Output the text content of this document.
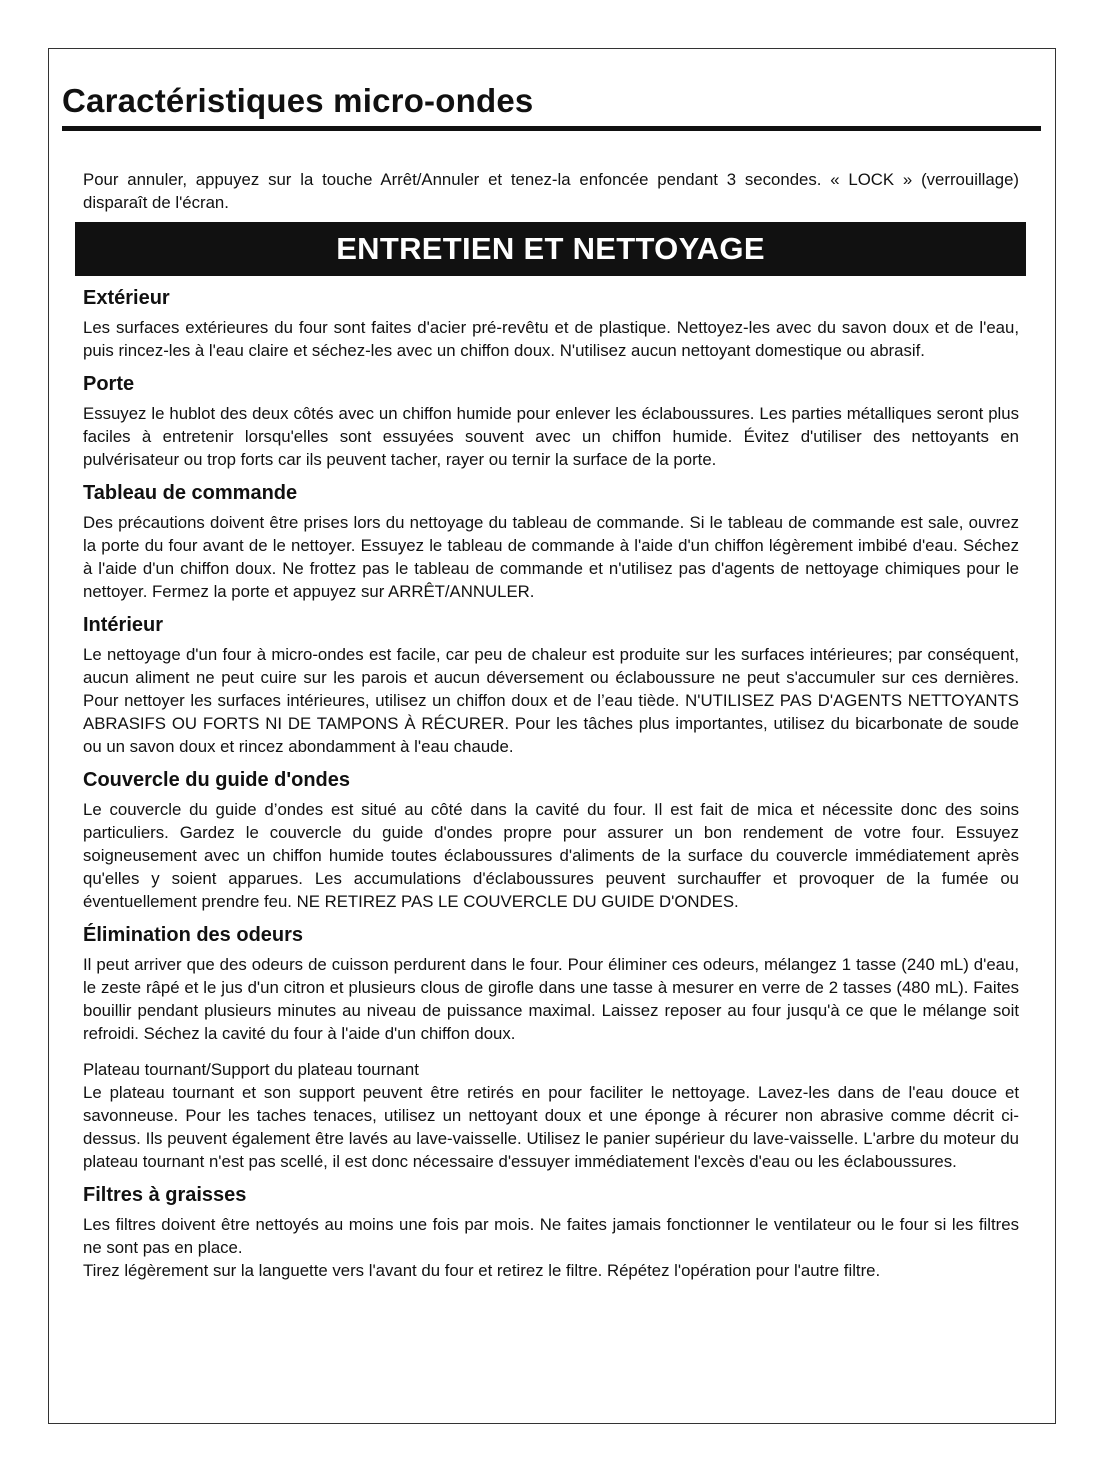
Caractéristiques micro-ondes

Pour annuler, appuyez sur la touche Arrêt/Annuler et tenez-la enfoncée pendant 3 secondes. « LOCK » (verrouillage) disparaît de l'écran.

ENTRETIEN ET NETTOYAGE
Extérieur

Les surfaces extérieures du four sont faites d'acier pré-revêtu et de plastique. Nettoyez-les avec du savon doux et de l'eau, puis rincez-les à l'eau claire et séchez-les avec un chiffon doux. N'utilisez aucun nettoyant domestique ou abrasif.

Porte

Essuyez le hublot des deux côtés avec un chiffon humide pour enlever les éclaboussures. Les parties métalliques seront plus faciles à entretenir lorsqu'elles sont essuyées souvent avec un chiffon humide. Évitez d'utiliser des nettoyants en pulvérisateur ou trop forts car ils peuvent tacher, rayer ou ternir la surface de la porte.

Tableau de commande

Des précautions doivent être prises lors du nettoyage du tableau de commande. Si le tableau de commande est sale, ouvrez la porte du four avant de le nettoyer. Essuyez le tableau de commande à l'aide d'un chiffon légèrement imbibé d'eau. Séchez à l'aide d'un chiffon doux. Ne frottez pas le tableau de commande et n'utilisez pas d'agents de nettoyage chimiques pour le nettoyer. Fermez la porte et appuyez sur ARRÊT/ANNULER.

Intérieur

Le nettoyage d'un four à micro-ondes est facile, car peu de chaleur est produite sur les surfaces intérieures; par conséquent, aucun aliment ne peut cuire sur les parois et aucun déversement ou éclaboussure ne peut s'accumuler sur ces dernières. Pour nettoyer les surfaces intérieures, utilisez un chiffon doux et de l’eau tiède. N'UTILISEZ PAS D'AGENTS NETTOYANTS ABRASIFS OU FORTS NI DE TAMPONS À RÉCURER. Pour les tâches plus importantes, utilisez du bicarbonate de soude ou un savon doux et rincez abondamment à l'eau chaude.

Couvercle du guide d'ondes

Le couvercle du guide d’ondes est situé au côté dans la cavité du four. Il est fait de mica et nécessite donc des soins particuliers. Gardez le couvercle du guide d'ondes propre pour assurer un bon rendement de votre four. Essuyez soigneusement avec un chiffon humide toutes éclaboussures d'aliments de la surface du couvercle immédiatement après qu'elles y soient apparues. Les accumulations d'éclaboussures peuvent surchauffer et provoquer de la fumée ou éventuellement prendre feu. NE RETIREZ PAS LE COUVERCLE DU GUIDE D'ONDES.

Élimination des odeurs

Il peut arriver que des odeurs de cuisson perdurent dans le four. Pour éliminer ces odeurs, mélangez 1 tasse (240 mL) d'eau, le zeste râpé et le jus d'un citron et plusieurs clous de girofle dans une tasse à mesurer en verre de 2 tasses (480 mL). Faites bouillir pendant plusieurs minutes au niveau de puissance maximal. Laissez reposer au four jusqu'à ce que le mélange soit refroidi. Séchez la cavité du four à l'aide d'un chiffon doux.

Plateau tournant/Support du plateau tournant

Le plateau tournant et son support peuvent être retirés en pour faciliter le nettoyage. Lavez-les dans de l'eau douce et savonneuse. Pour les taches tenaces, utilisez un nettoyant doux et une éponge à récurer non abrasive comme décrit ci-dessus. Ils peuvent également être lavés au lave-vaisselle. Utilisez le panier supérieur du lave-vaisselle. L'arbre du moteur du plateau tournant n'est pas scellé, il est donc nécessaire d'essuyer immédiatement l'excès d'eau ou les éclaboussures.

Filtres à graisses

Les filtres doivent être nettoyés au moins une fois par mois. Ne faites jamais fonctionner le ventilateur ou le four si les filtres ne sont pas en place.

Tirez légèrement sur la languette vers l'avant du four et retirez le filtre. Répétez l'opération pour l'autre filtre.
